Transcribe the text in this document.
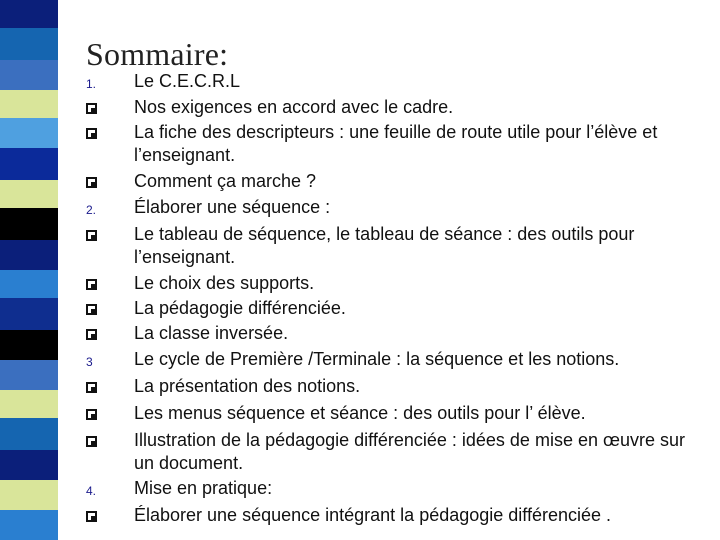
Sommaire:
1.	Le C.E.C.R.L
Nos exigences en accord avec le cadre.
La fiche des descripteurs : une feuille de route utile pour l’élève et l’enseignant.
Comment ça marche ?
2.	Élaborer une séquence :
Le tableau de séquence, le tableau de séance : des outils pour l’enseignant.
Le choix des supports.
La pédagogie différenciée.
La classe inversée.
3	Le cycle de Première /Terminale : la séquence et les notions.
La présentation des notions.
Les menus séquence et séance : des outils pour l’ élève.
Illustration de la pédagogie différenciée : idées de mise en œuvre sur un document.
4.	Mise en pratique:
Élaborer une séquence intégrant la pédagogie différenciée .
